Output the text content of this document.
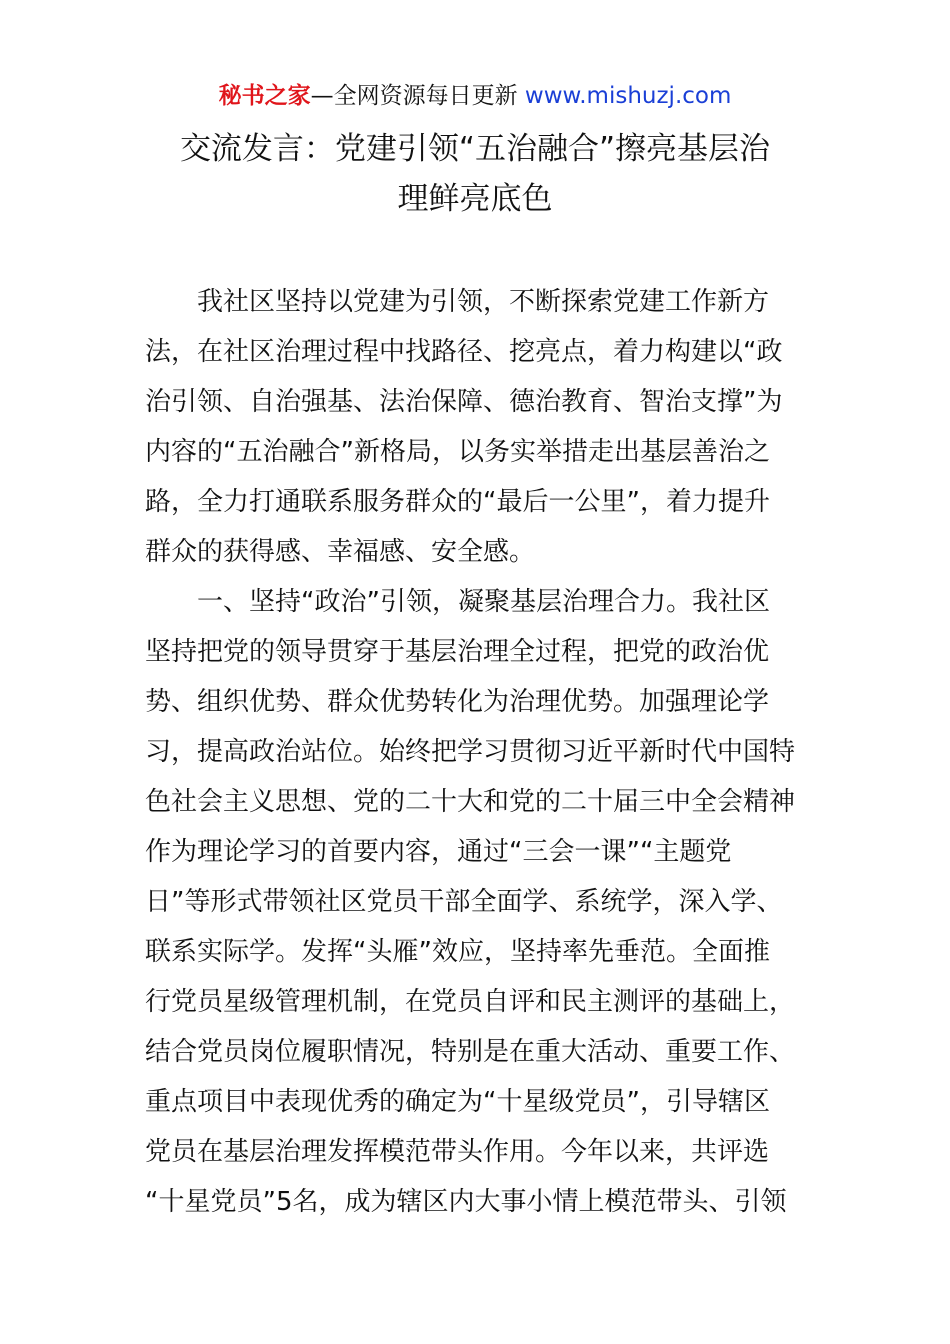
秘书之家—全网资源每日更新 www.mishuzj.com
交流发言：党建引领“五治融合”擦亮基层治
理鲜亮底色
　　我社区坚持以党建为引领，不断探索党建工作新方
法，在社区治理过程中找路径、挖亮点，着力构建以“政
治引领、自治强基、法治保障、德治教育、智治支撑”为
内容的“五治融合”新格局，以务实举措走出基层善治之
路，全力打通联系服务群众的“最后一公里”，着力提升
群众的获得感、幸福感、安全感。
　　一、坚持“政治”引领，凝聚基层治理合力。我社区
坚持把党的领导贯穿于基层治理全过程，把党的政治优
势、组织优势、群众优势转化为治理优势。加强理论学
习，提高政治站位。始终把学习贯彻习近平新时代中国特
色社会主义思想、党的二十大和党的二十届三中全会精神
作为理论学习的首要内容，通过“三会一课”“主题党
日”等形式带领社区党员干部全面学、系统学，深入学、
联系实际学。发挥“头雁”效应，坚持率先垂范。全面推
行党员星级管理机制，在党员自评和民主测评的基础上，
结合党员岗位履职情况，特别是在重大活动、重要工作、
重点项目中表现优秀的确定为“十星级党员”，引导辖区
党员在基层治理发挥模范带头作用。今年以来，共评选
“十星党员”5名，成为辖区内大事小情上模范带头、引领
